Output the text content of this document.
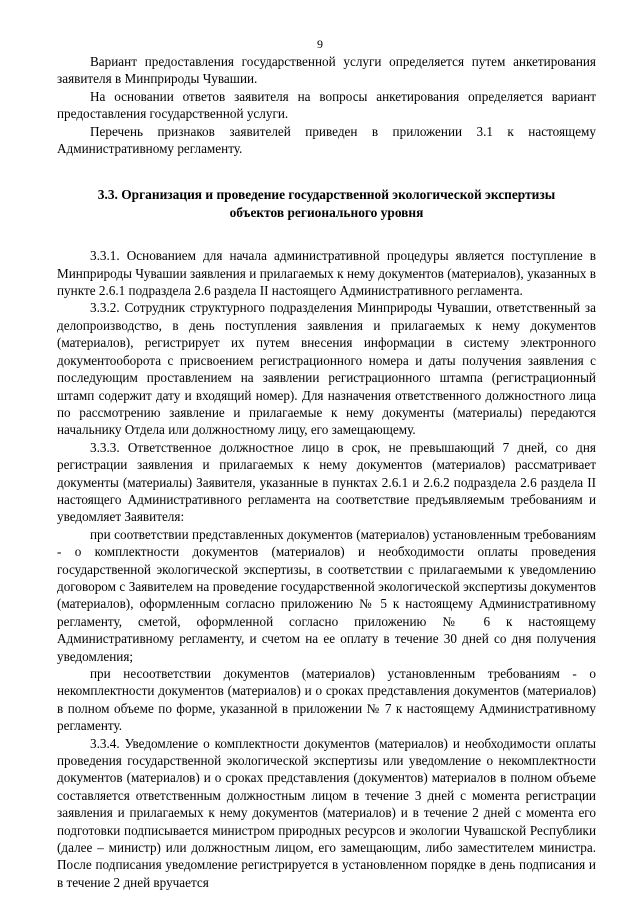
9

Вариант предоставления государственной услуги определяется путем анкетирования заявителя в Минприроды Чувашии.

На основании ответов заявителя на вопросы анкетирования определяется вариант предоставления государственной услуги.

Перечень признаков заявителей приведен в приложении 3.1 к настоящему Административному регламенту.

3.3. Организация и проведение государственной экологической экспертизы
объектов регионального уровня

3.3.1. Основанием для начала административной процедуры является поступление в Минприроды Чувашии заявления и прилагаемых к нему документов (материалов), указанных в пункте 2.6.1 подраздела 2.6 раздела II настоящего Административного регламента.

3.3.2. Сотрудник структурного подразделения Минприроды Чувашии, ответственный за делопроизводство, в день поступления заявления и прилагаемых к нему документов (материалов), регистрирует их путем внесения информации в систему электронного документооборота с присвоением регистрационного номера и даты получения заявления с последующим проставлением на заявлении регистрационного штампа (регистрационный штамп содержит дату и входящий номер). Для назначения ответственного должностного лица по рассмотрению заявление и прилагаемые к нему документы (материалы) передаются начальнику Отдела или должностному лицу, его замещающему.

3.3.3. Ответственное должностное лицо в срок, не превышающий 7 дней, со дня регистрации заявления и прилагаемых к нему документов (материалов) рассматривает документы (материалы) Заявителя, указанные в пунктах 2.6.1 и 2.6.2 подраздела 2.6 раздела II настоящего Административного регламента на соответствие предъявляемым требованиям и уведомляет Заявителя:

при соответствии представленных документов (материалов) установленным требованиям - о комплектности документов (материалов) и необходимости оплаты проведения государственной экологической экспертизы, в соответствии с прилагаемыми к уведомлению договором с Заявителем на проведение государственной экологической экспертизы документов (материалов), оформленным согласно приложению № 5 к настоящему Административному регламенту, сметой, оформленной согласно приложению № 6 к настоящему Административному регламенту, и счетом на ее оплату в течение 30 дней со дня получения уведомления;

при несоответствии документов (материалов) установленным требованиям - о некомплектности документов (материалов) и о сроках представления документов (материалов) в полном объеме по форме, указанной в приложении № 7 к настоящему Административному регламенту.

3.3.4. Уведомление о комплектности документов (материалов) и необходимости оплаты проведения государственной экологической экспертизы или уведомление о некомплектности документов (материалов) и о сроках представления (документов) материалов в полном объеме составляется ответственным должностным лицом в течение 3 дней с момента регистрации заявления и прилагаемых к нему документов (материалов) и в течение 2 дней с момента его подготовки подписывается министром природных ресурсов и экологии Чувашской Республики (далее – министр) или должностным лицом, его замещающим, либо заместителем министра. После подписания уведомление регистрируется в установленном порядке в день подписания и в течение 2 дней вручается
